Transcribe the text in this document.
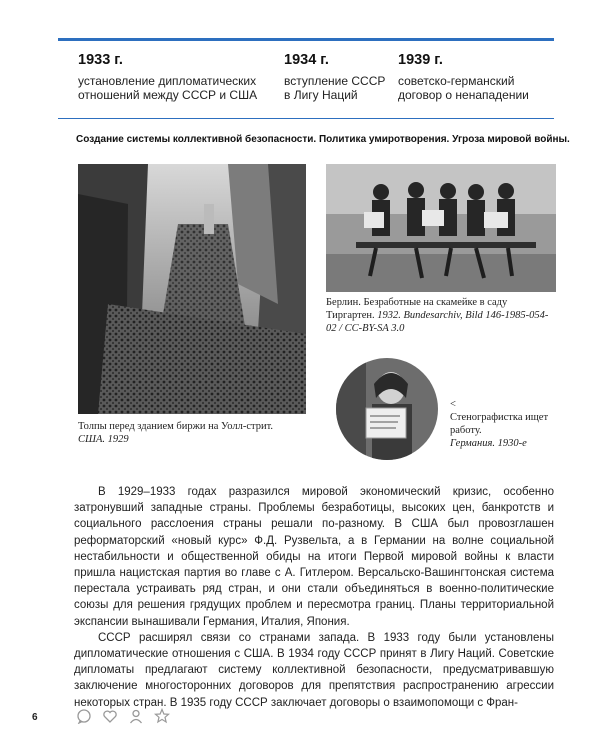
1933 г.
установление дипломатических отношений между СССР и США
1934 г.
вступление СССР в Лигу Наций
1939 г.
советско-германский договор о ненападении
Создание системы коллективной безопасности. Политика умиротворения. Угроза мировой войны.
Толпы перед зданием биржи на Уолл-стрит.
США. 1929
Берлин. Безработные на скамейке в саду Тиргартен. 1932. Bundesarchiv, Bild 146-1985-054-02 / CC-BY-SA 3.0
<
Стенографистка ищет работу.
Германия. 1930-е

В 1929–1933 годах разразился мировой экономический кризис, особенно затронувший западные страны. Проблемы безработицы, высоких цен, банкротств и социального расслоения страны решали по-разному. В США был провозглашен реформаторский «новый курс» Ф.Д. Рузвельта, а в Германии на волне социальной нестабильности и общественной обиды на итоги Первой мировой войны к власти пришла нацистская партия во главе с А. Гитлером. Версальско-Вашингтонская система перестала устраивать ряд стран, и они стали объединяться в военно-политические союзы для решения грядущих проблем и пересмотра границ. Планы территориальной экспансии вынашивали Германия, Италия, Япония.

СССР расширял связи со странами запада. В 1933 году были установлены дипломатические отношения с США. В 1934 году СССР принят в Лигу Наций. Советские дипломаты предлагают систему коллективной безопасности, предусматривавшую заключение многосторонних договоров для препятствия распространению агрессии некоторых стран. В 1935 году СССР заключает договоры о взаимопомощи с Фран-

6
